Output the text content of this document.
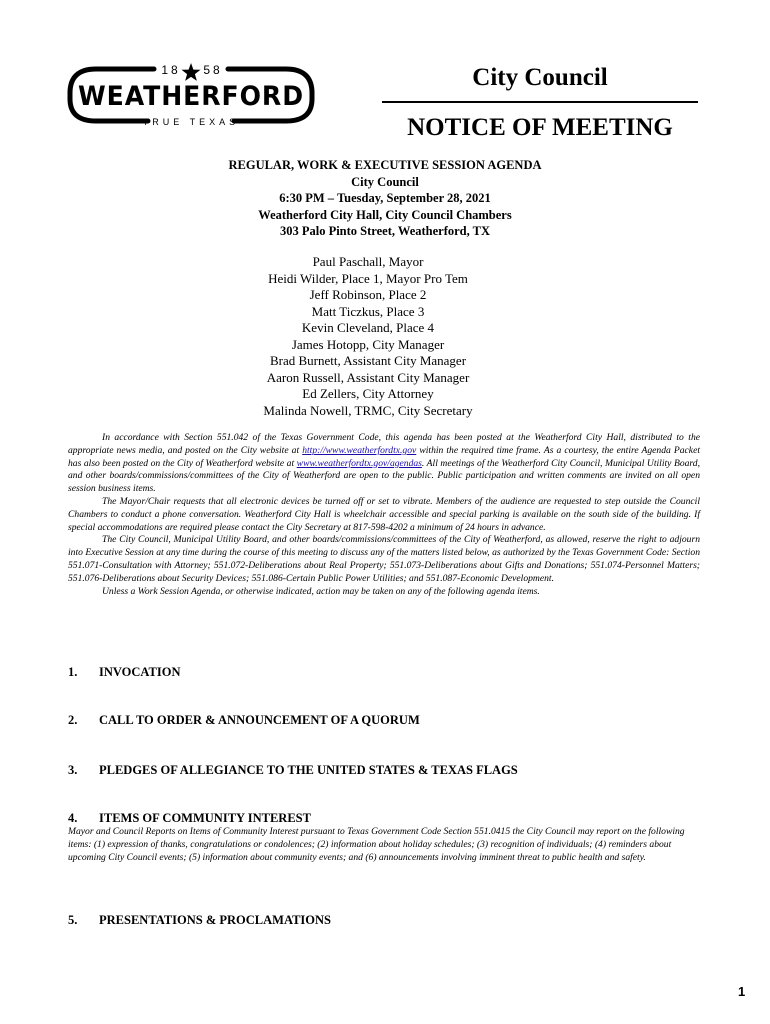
18 58
WEATHERFORD
TRUE TEXAS
City Council
NOTICE OF MEETING
REGULAR, WORK & EXECUTIVE SESSION AGENDA
City Council
6:30 PM – Tuesday, September 28, 2021
Weatherford City Hall, City Council Chambers
303 Palo Pinto Street, Weatherford, TX
Paul Paschall, Mayor
Heidi Wilder, Place 1, Mayor Pro Tem
Jeff Robinson, Place 2
Matt Ticzkus, Place 3
Kevin Cleveland, Place 4
James Hotopp, City Manager
Brad Burnett, Assistant City Manager
Aaron Russell, Assistant City Manager
Ed Zellers, City Attorney
Malinda Nowell, TRMC, City Secretary

In accordance with Section 551.042 of the Texas Government Code, this agenda has been posted at the Weatherford City Hall, distributed to the appropriate news media, and posted on the City website at http://www.weatherfordtx.gov within the required time frame. As a courtesy, the entire Agenda Packet has also been posted on the City of Weatherford website at www.weatherfordtx.gov/agendas. All meetings of the Weatherford City Council, Municipal Utility Board, and other boards/commissions/committees of the City of Weatherford are open to the public. Public participation and written comments are invited on all open session business items.

The Mayor/Chair requests that all electronic devices be turned off or set to vibrate. Members of the audience are requested to step outside the Council Chambers to conduct a phone conversation. Weatherford City Hall is wheelchair accessible and special parking is available on the south side of the building. If special accommodations are required please contact the City Secretary at 817-598-4202 a minimum of 24 hours in advance.

The City Council, Municipal Utility Board, and other boards/commissions/committees of the City of Weatherford, as allowed, reserve the right to adjourn into Executive Session at any time during the course of this meeting to discuss any of the matters listed below, as authorized by the Texas Government Code: Section 551.071-Consultation with Attorney; 551.072-Deliberations about Real Property; 551.073-Deliberations about Gifts and Donations; 551.074-Personnel Matters; 551.076-Deliberations about Security Devices; 551.086-Certain Public Power Utilities; and 551.087-Economic Development.

Unless a Work Session Agenda, or otherwise indicated, action may be taken on any of the following agenda items.

1. INVOCATION
2. CALL TO ORDER & ANNOUNCEMENT OF A QUORUM
3. PLEDGES OF ALLEGIANCE TO THE UNITED STATES & TEXAS FLAGS
4. ITEMS OF COMMUNITY INTEREST
Mayor and Council Reports on Items of Community Interest pursuant to Texas Government Code Section 551.0415 the City Council may report on the following items: (1) expression of thanks, congratulations or condolences; (2) information about holiday schedules; (3) recognition of individuals; (4) reminders about upcoming City Council events; (5) information about community events; and (6) announcements involving imminent threat to public health and safety.
5. PRESENTATIONS & PROCLAMATIONS
1
